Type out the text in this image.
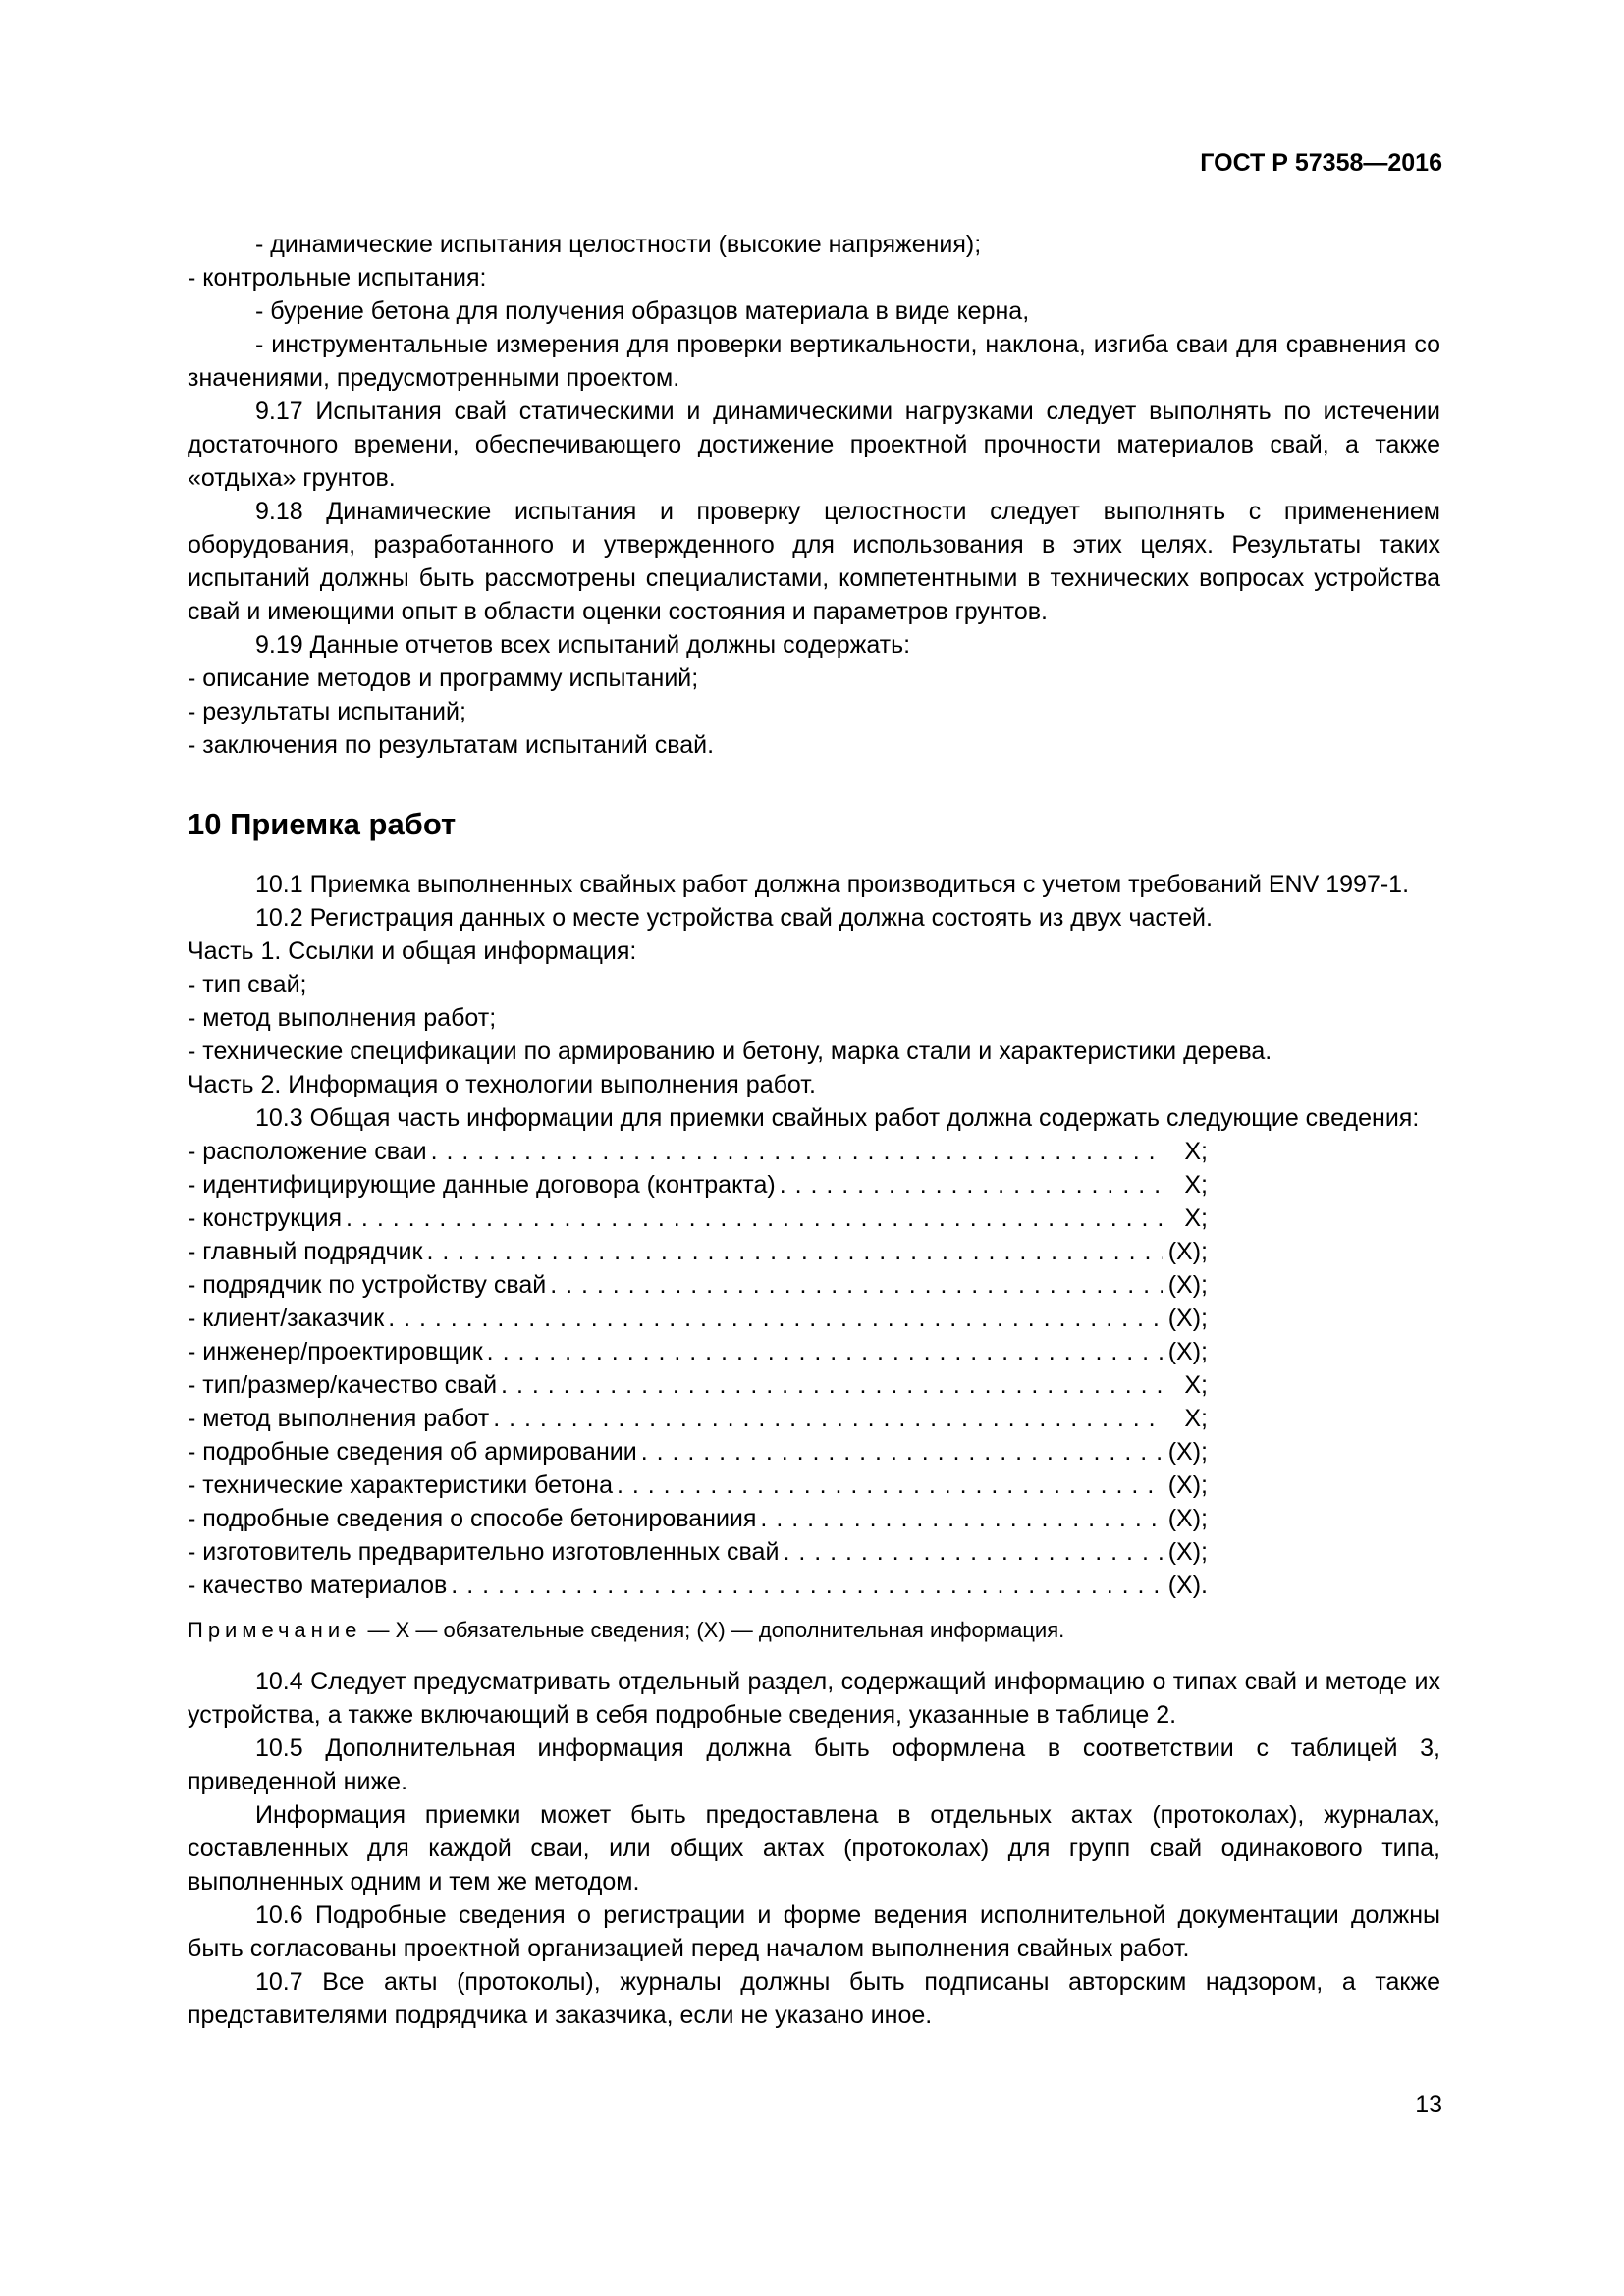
ГОСТ Р 57358—2016

- динамические испытания целостности (высокие напряжения);

- контрольные испытания:

- бурение бетона для получения образцов материала в виде керна,

- инструментальные измерения для проверки вертикальности, наклона, изгиба сваи для сравнения со значениями, предусмотренными проектом.

9.17 Испытания свай статическими и динамическими нагрузками следует выполнять по истечении достаточного времени, обеспечивающего достижение проектной прочности материалов свай, а также «отдыха» грунтов.

9.18 Динамические испытания и проверку целостности следует выполнять с применением оборудования, разработанного и утвержденного для использования в этих целях. Результаты таких испытаний должны быть рассмотрены специалистами, компетентными в технических вопросах устройства свай и имеющими опыт в области оценки состояния и параметров грунтов.

9.19 Данные отчетов всех испытаний должны содержать:

- описание методов и программу испытаний;

- результаты испытаний;

- заключения по результатам испытаний свай.

10 Приемка работ

10.1 Приемка выполненных свайных работ должна производиться с учетом требований ENV 1997-1.

10.2 Регистрация данных о месте устройства свай должна состоять из двух частей.

Часть 1. Ссылки и общая информация:

- тип свай;

- метод выполнения работ;

- технические спецификации по армированию и бетону, марка стали и характеристики дерева.

Часть 2. Информация о технологии выполнения работ.

10.3 Общая часть информации для приемки свайных работ должна содержать следующие сведения:

- расположение сваи . . .	X;
- идентифицирующие данные договора (контракта) . . .	X;
- конструкция . . .	X;
- главный подрядчик . . .	(X);
- подрядчик по устройству свай . . .	(X);
- клиент/заказчик . . .	(X);
- инженер/проектировщик . . .	(X);
- тип/размер/качество свай . . .	X;
- метод выполнения работ . . .	X;
- подробные сведения об армировании . . .	(X);
- технические характеристики бетона . . .	(X);
- подробные сведения о способе бетонированиия . . .	(X);
- изготовитель предварительно изготовленных свай . . .	(X);
- качество материалов . . .	(X).
Примечание — X — обязательные сведения; (X) — дополнительная информация.

10.4 Следует предусматривать отдельный раздел, содержащий информацию о типах свай и методе их устройства, а также включающий в себя подробные сведения, указанные в таблице 2.

10.5 Дополнительная информация должна быть оформлена в соответствии с таблицей 3, приведенной ниже.

Информация приемки может быть предоставлена в отдельных актах (протоколах), журналах, составленных для каждой сваи, или общих актах (протоколах) для групп свай одинакового типа, выполненных одним и тем же методом.

10.6 Подробные сведения о регистрации и форме ведения исполнительной документации должны быть согласованы проектной организацией перед началом выполнения свайных работ.

10.7 Все акты (протоколы), журналы должны быть подписаны авторским надзором, а также представителями подрядчика и заказчика, если не указано иное.

13
